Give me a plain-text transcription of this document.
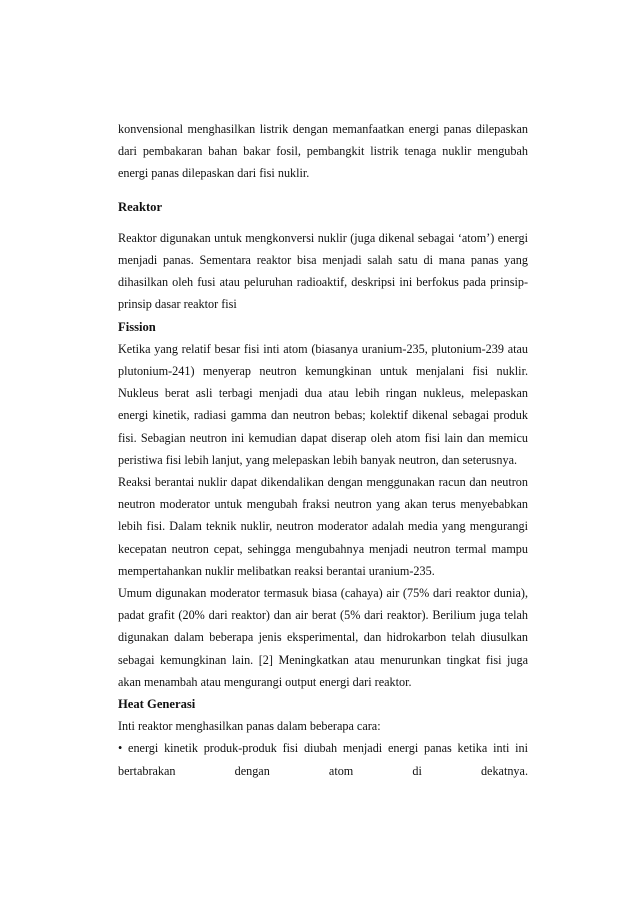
konvensional menghasilkan listrik dengan memanfaatkan energi panas dilepaskan dari pembakaran bahan bakar fosil, pembangkit listrik tenaga nuklir mengubah energi panas dilepaskan dari fisi nuklir.

Reaktor

Reaktor digunakan untuk mengkonversi nuklir (juga dikenal sebagai ‘atom’) energi menjadi panas. Sementara reaktor bisa menjadi salah satu di mana panas yang dihasilkan oleh fusi atau peluruhan radioaktif, deskripsi ini berfokus pada prinsip-prinsip dasar reaktor fisi

Fission

Ketika yang relatif besar fisi inti atom (biasanya uranium-235, plutonium-239 atau plutonium-241) menyerap neutron kemungkinan untuk menjalani fisi nuklir. Nukleus berat asli terbagi menjadi dua atau lebih ringan nukleus, melepaskan energi kinetik, radiasi gamma dan neutron bebas; kolektif dikenal sebagai produk fisi. Sebagian neutron ini kemudian dapat diserap oleh atom fisi lain dan memicu peristiwa fisi lebih lanjut, yang melepaskan lebih banyak neutron, dan seterusnya.

Reaksi berantai nuklir dapat dikendalikan dengan menggunakan racun dan neutron neutron moderator untuk mengubah fraksi neutron yang akan terus menyebabkan lebih fisi. Dalam teknik nuklir, neutron moderator adalah media yang mengurangi kecepatan neutron cepat, sehingga mengubahnya menjadi neutron termal mampu mempertahankan nuklir melibatkan reaksi berantai uranium-235.

Umum digunakan moderator termasuk biasa (cahaya) air (75% dari reaktor dunia), padat grafit (20% dari reaktor) dan air berat (5% dari reaktor). Berilium juga telah digunakan dalam beberapa jenis eksperimental, dan hidrokarbon telah diusulkan sebagai kemungkinan lain. [2] Meningkatkan atau menurunkan tingkat fisi juga akan menambah atau mengurangi output energi dari reaktor.

Heat Generasi

Inti reaktor menghasilkan panas dalam beberapa cara:

• energi kinetik produk-produk fisi diubah menjadi energi panas ketika inti ini bertabrakan dengan atom di dekatnya.
